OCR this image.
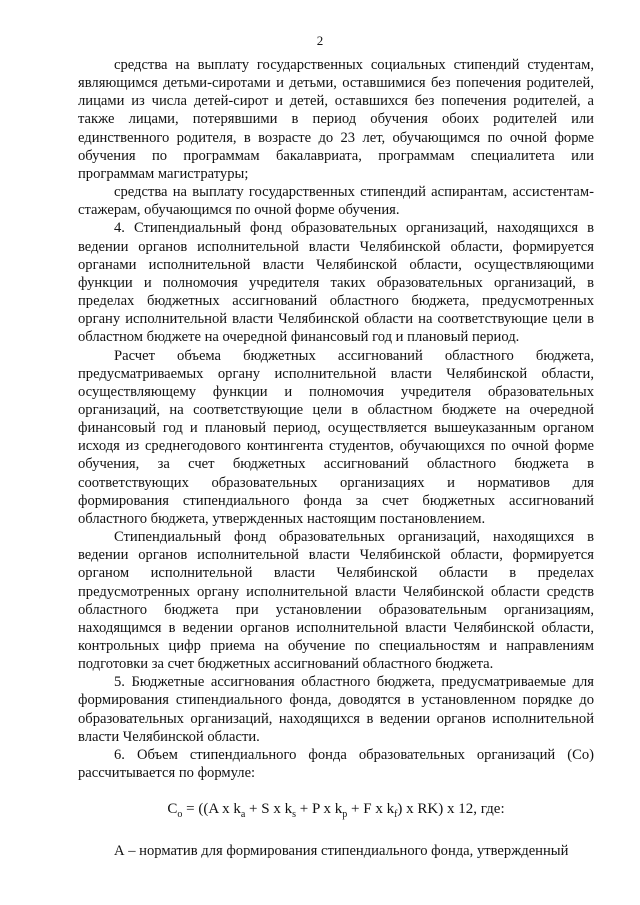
2

средства на выплату государственных социальных стипендий студентам, являющимся детьми-сиротами и детьми, оставшимися без попечения родителей, лицами из числа детей-сирот и детей, оставшихся без попечения родителей, а также лицами, потерявшими в период обучения обоих родителей или единственного родителя, в возрасте до 23 лет, обучающимся по очной форме обучения по программам бакалавриата, программам специалитета или программам магистратуры;

средства на выплату государственных стипендий аспирантам, ассистентам-стажерам, обучающимся по очной форме обучения.

4. Стипендиальный фонд образовательных организаций, находящихся в ведении органов исполнительной власти Челябинской области, формируется органами исполнительной власти Челябинской области, осуществляющими функции и полномочия учредителя таких образовательных организаций, в пределах бюджетных ассигнований областного бюджета, предусмотренных органу исполнительной власти Челябинской области на соответствующие цели в областном бюджете на очередной финансовый год и плановый период.

Расчет объема бюджетных ассигнований областного бюджета, предусматриваемых органу исполнительной власти Челябинской области, осуществляющему функции и полномочия учредителя образовательных организаций, на соответствующие цели в областном бюджете на очередной финансовый год и плановый период, осуществляется вышеуказанным органом исходя из среднегодового контингента студентов, обучающихся по очной форме обучения, за счет бюджетных ассигнований областного бюджета в соответствующих образовательных организациях и нормативов для формирования стипендиального фонда за счет бюджетных ассигнований областного бюджета, утвержденных настоящим постановлением.

Стипендиальный фонд образовательных организаций, находящихся в ведении органов исполнительной власти Челябинской области, формируется органом исполнительной власти Челябинской области в пределах предусмотренных органу исполнительной власти Челябинской области средств областного бюджета при установлении образовательным организациям, находящимся в ведении органов исполнительной власти Челябинской области, контрольных цифр приема на обучение по специальностям и направлениям подготовки за счет бюджетных ассигнований областного бюджета.

5. Бюджетные ассигнования областного бюджета, предусматриваемые для формирования стипендиального фонда, доводятся в установленном порядке до образовательных организаций, находящихся в ведении органов исполнительной власти Челябинской области.

6. Объем стипендиального фонда образовательных организаций (Cо) рассчитывается по формуле:

$C_о = ((A$ x $k_a + S$ x $k_s + P$ x $k_p + F$ x $k_f$) x RK) x 12, где:

А – норматив для формирования стипендиального фонда, утвержденный
